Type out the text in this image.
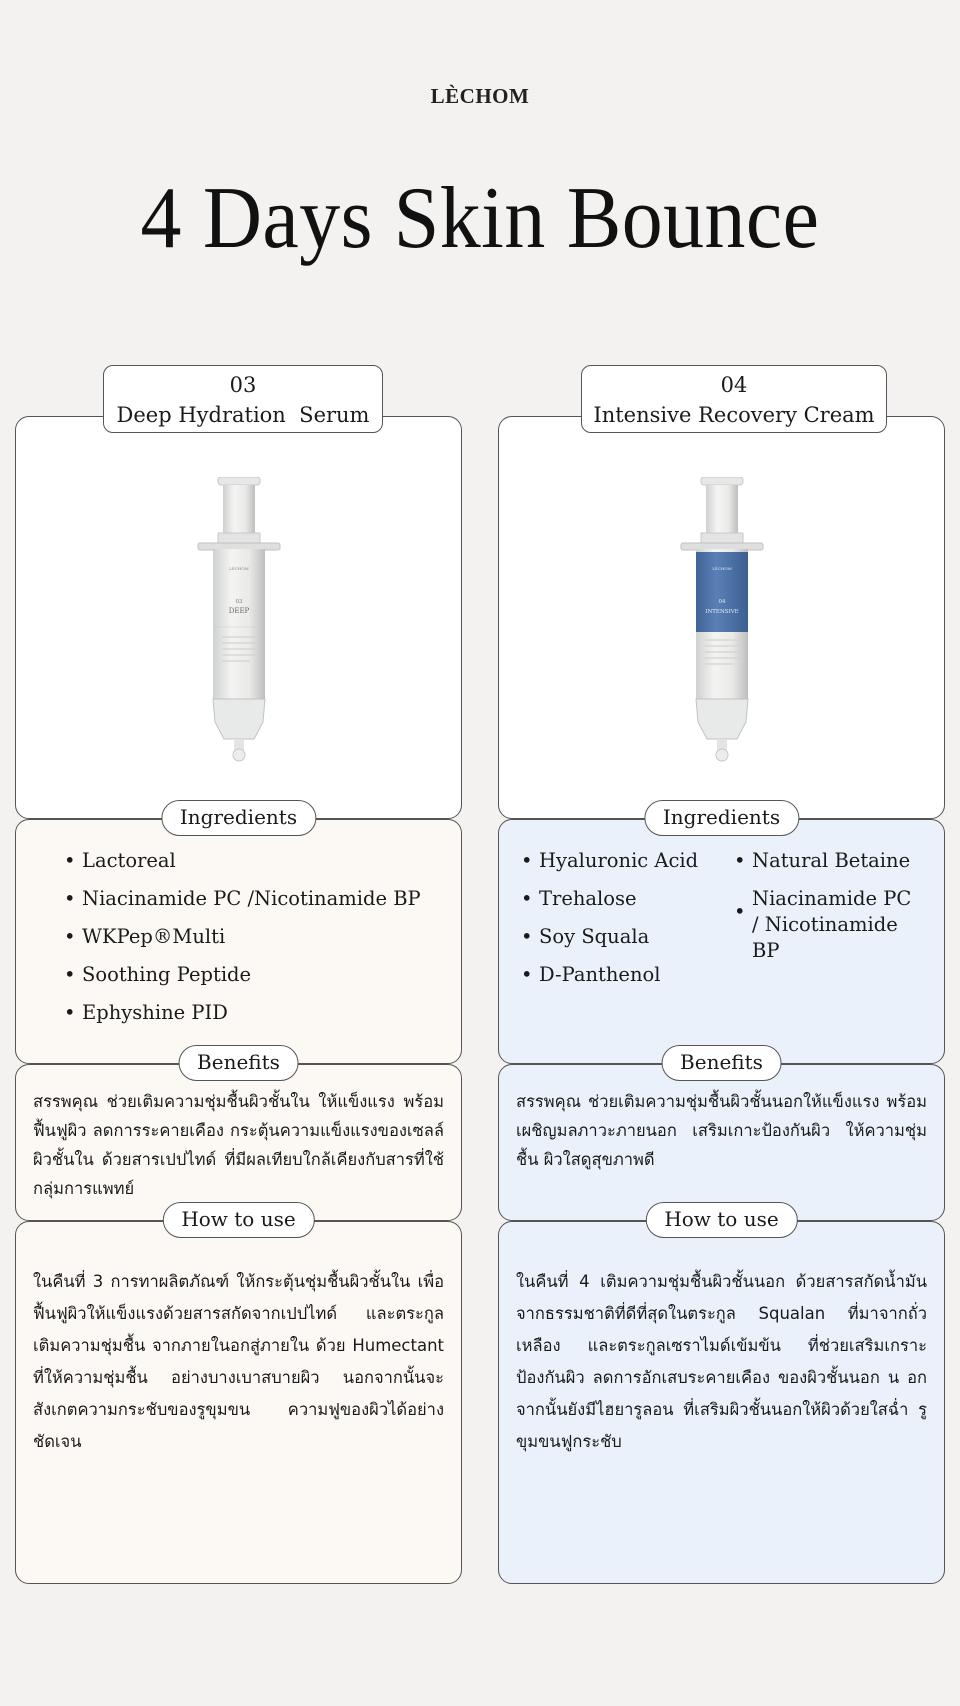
LÈCHOM
4 Days Skin Bounce
03
Deep Hydration  Serum
LÈCHOM
03
DEEP
Ingredients
• Lactoreal
• Niacinamide PC /Nicotinamide BP
• WKPep®Multi
• Soothing Peptide
• Ephyshine PID
Benefits

สรรพคุณ ช่วยเติมความชุ่มชื้นผิวชั้นใน ให้แข็งแรง พร้อมฟื้นฟูผิว ลดการระคายเคือง กระตุ้นความแข็งแรงของเซลล์ผิวชั้นใน ด้วยสารเปปไทด์ ที่มีผลเทียบใกล้เคียงกับสารที่ใช้กลุ่มการแพทย์

How to use

ในคืนที่ 3 การทาผลิตภัณฑ์ ให้กระตุ้นชุ่มชื้นผิวชั้นใน เพื่อฟื้นฟูผิวให้แข็งแรงด้วยสารสกัดจากเปปไทด์ และตระกูลเติมความชุ่มชื้น จากภายในอกสู่ภายใน ด้วย Humectant ที่ให้ความชุ่มชื้น อย่างบางเบาสบายผิว นอกจากนั้นจะสังเกตความกระชับของรูขุมขน ความฟูของผิวได้อย่างชัดเจน

04
Intensive Recovery Cream
LÈCHOM
04
INTENSIVE
Ingredients
• Hyaluronic Acid
• Trehalose
• Soy Squala
• D-Panthenol
• Natural Betaine
• Niacinamide PC / Nicotinamide BP
Benefits

สรรพคุณ ช่วยเติมความชุ่มชื้นผิวชั้นนอกให้แข็งแรง พร้อมเผชิญมลภาวะภายนอก เสริมเกาะป้องกันผิว ให้ความชุ่มชื้น ผิวใสดูสุขภาพดี

How to use

ในคืนที่ 4 เติมความชุ่มชื้นผิวชั้นนอก ด้วยสารสกัดน้ำมัน จากธรรมชาติที่ดีที่สุดในตระกูล Squalan ที่มาจากถั่วเหลือง และตระกูลเซราไมด์เข้มข้น ที่ช่วยเสริมเกราะป้องกันผิว ลดการอักเสบระคายเคือง ของผิวชั้นนอก น อกจากนั้นยังมีไฮยารูลอน ที่เสริมผิวชั้นนอกให้ผิวด้วยใสฉ่ำ รูขุมขนฟูกระชับ
